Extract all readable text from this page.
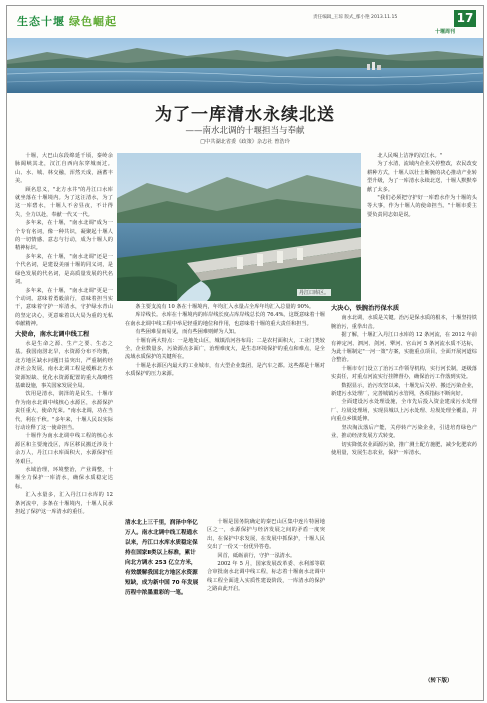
生态十堰 绿色崛起	责任编辑_王琼 版式_鄢小艳 2013.11.15	17
十堰周刊
为了一库清水永续北送
——南水北调的十堰担当与奉献
□中共湖北省委《政策》杂志社 曾浩玲
丹江口库区。

十堰，大巴山东段绵延千顷，秦岭余脉阔峡其北，汉江自西向东穿城而过。山、水、城、林交融，浑然天成，涵蓄丰美。

顾名思义，"北方水井"的丹江口水库就坐落在十堰境内。为了这汪清水，为了这一库碧水，十堰人不舍昼夜，不计得失，全力以赴，奉献一代又一代。

多年来，在十堰，"南水北调"成为一个专有名词，像一种共识，凝聚起十堰人的一切情感、意志与行动，成为十堰人的精神标识。

多年来，在十堰，"南水北调"还是一个代名词，是建设美丽十堰的同义词，是绿色发展的代名词，是高质量发展的代名词。

多年来，在十堰，"南水北调"更是一个动词。意味着勇毅前行，意味着担当实干，意味着守护一库清水，守护绿水青山的坚定决心，更意味着以大局为重的无私奉献精神。

大使命，南水北调中线工程

水是生命之源、生产之要、生态之基。我国南涝北旱，水资源分布不均衡，北方地区缺水问题日益突出，严重制约经济社会发展。南水北调工程是缓解北方水资源短缺、优化水资源配置的重大战略性基础设施，事关国家发展全局。

饮用是清水，润泽的是民生。十堰市作为南水北调中线核心水源区，水源保护责任重大，使命光荣。"南水北调，功在当代，利在千秋。"多年来，十堰人民以实际行动诠释了这一使命担当。

十堰作为南水北调中线工程的核心水源区和主要淹没区，库区移民搬迁涉及十余万人，丹江口水库面积大，水源保护任务艰巨。

水域治理，环境整治，产业调整，十堰全力保护一库清水，确保水质稳定达标。

汇入水量多，汇入丹江口水库的 12 条河流中，多条在十堰境内，十堰人民承担起了保护这一库清水的重任。

条主要支流有 10 条在十堰境内，年均汇入水量占全库年均汇入总量的 90%。

库岸线长。水库在十堰境内的库岸线长度占库岸线总长的 76.4%。这既意味着十堰在南水北调中线工程中举足轻重的地位和作用，也意味着十堰的重大责任和担当。

有些困难显而易见，而有些困难则鲜为人知。

十堰有两大特点：一是地处山区，城镇沿河谷布局；二是农村面积大，工业门类较全，企业数量多，污染源点多面广，治理难度大，是生态环境保护的重点和难点，是全流域水质保护的关键所在。

十堰是水源区内最大的工业城市，有大型企业集团，是汽车之都。这些都是十堰对水质保护的压力来源。

十堰是国务院确定的秦巴山区集中连片特困地区之一，水源保护与经济发展之间的矛盾一度突出，在保护中求发展，在发展中抓保护，十堰人民交出了一份又一份优异答卷。

回首，砥砺前行，守护一泓清水。

2002 年 5 月，国家发展改革委、水利部等联合审批南水北调中线工程，标志着十堰南水北调中线工程全面进入实质性建设阶段，一库清水的保护之路由此开启。

大决心，铁腕治污保水质

南水北调，水质是关键。治污是保水质的根本，十堰坚持铁腕治污，重拳出击。

据了解，十堰汇入丹江口水库的 12 条河流，在 2012 年前有神定河、泗河、剑河、犟河、官山河 5 条河流水质不达标，为此十堰制定"一河一策"方案，实施重点项目，全面开展河道综合整治。

十堰市专门设立了治污工作领导机构，实行河长制，逐级落实责任，对重点河流实行挂牌督办，确保治污工作落到实处。

数据显示，治污攻坚以来，十堰先后关停、搬迁污染企业，新建污水处理厂，完善城镇污水管网，各项指标不断向好。

全面建设污水处理设施，全市先后投入资金建成污水处理厂、垃圾处理场，实现县城以上污水处理、垃圾处理全覆盖，并向重点乡镇延伸。

坚决淘汰落后产能，关停转产污染企业，引进培育绿色产业，推动经济发展方式转变。

切实降低农业面源污染，推广测土配方施肥，减少化肥农药使用量，发展生态农业，保护一库清水。

北人民喝上洁净的汉江水。"

为了水清，流域内企业关停整改，农民改变耕种方式，十堰人以壮士断腕的决心推动产业转型升级，为了一库清水永续北送，十堰人默默奉献了太多。

"我们必须把守护好一库碧水作为十堰的头等大事，作为十堰人的使命担当。"十堰市委主要负责同志如是说。

清水北上三千里，润泽中华亿万人。南水北调中线工程通水以来，丹江口水库水质稳定保持在国家Ⅱ类以上标准，累计向北方调水 253 亿立方米，有效缓解我国北方地区水资源短缺，成为新中国 70 年发展历程中浓墨重彩的一笔。
（转下版）
